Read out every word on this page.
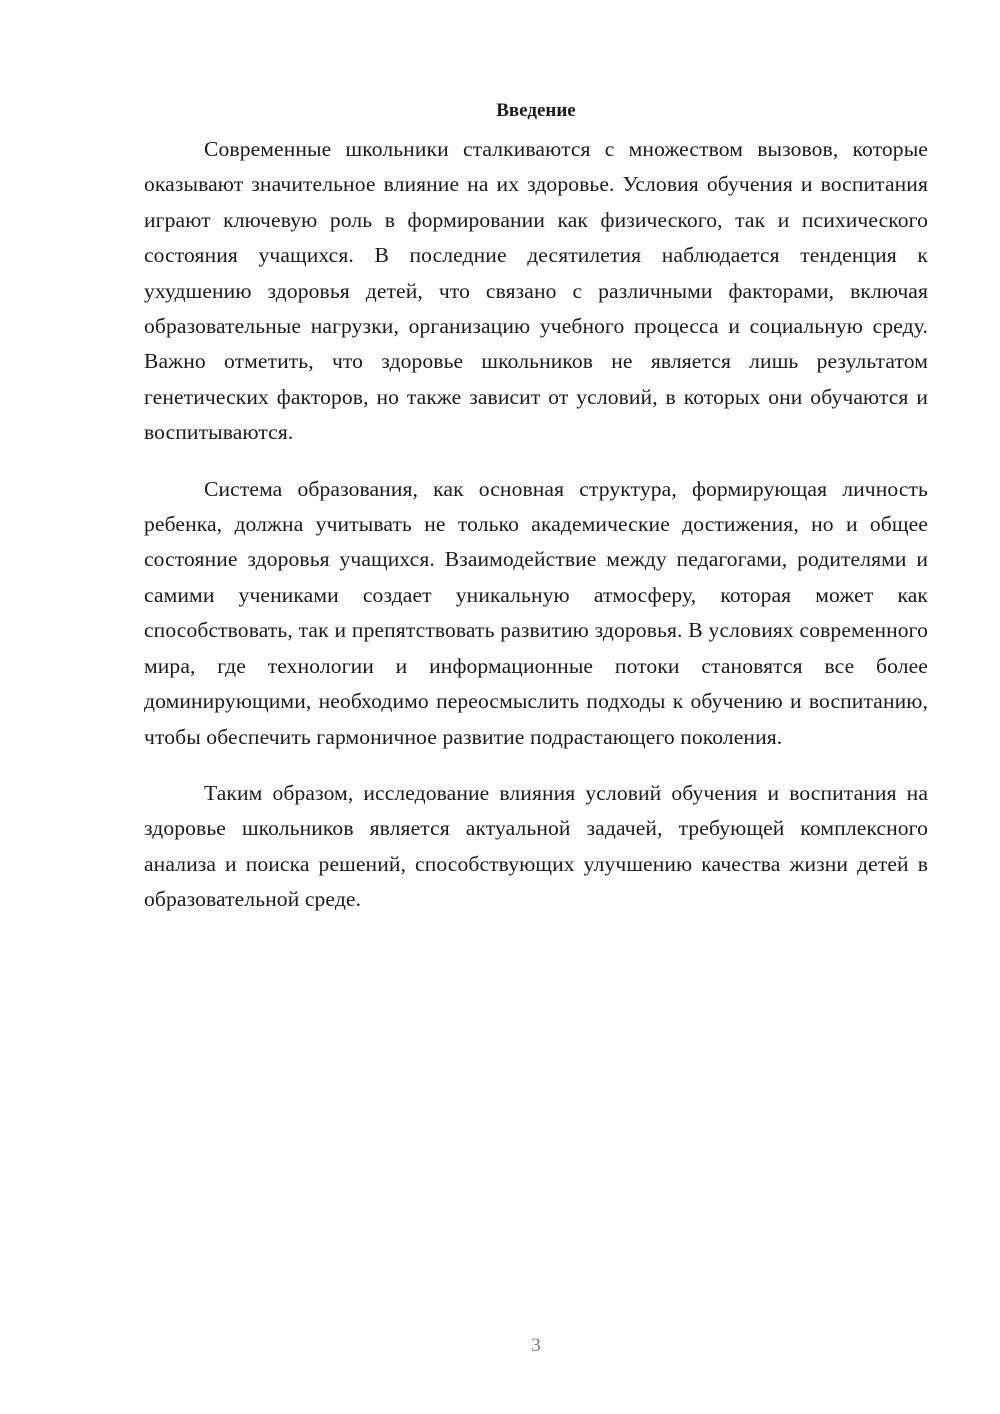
Введение

Современные школьники сталкиваются с множеством вызовов, которые оказывают значительное влияние на их здоровье. Условия обучения и воспитания играют ключевую роль в формировании как физического, так и психического состояния учащихся. В последние десятилетия наблюдается тенденция к ухудшению здоровья детей, что связано с различными факторами, включая образовательные нагрузки, организацию учебного процесса и социальную среду. Важно отметить, что здоровье школьников не является лишь результатом генетических факторов, но также зависит от условий, в которых они обучаются и воспитываются.

Система образования, как основная структура, формирующая личность ребенка, должна учитывать не только академические достижения, но и общее состояние здоровья учащихся. Взаимодействие между педагогами, родителями и самими учениками создает уникальную атмосферу, которая может как способствовать, так и препятствовать развитию здоровья. В условиях современного мира, где технологии и информационные потоки становятся все более доминирующими, необходимо переосмыслить подходы к обучению и воспитанию, чтобы обеспечить гармоничное развитие подрастающего поколения.

Таким образом, исследование влияния условий обучения и воспитания на здоровье школьников является актуальной задачей, требующей комплексного анализа и поиска решений, способствующих улучшению качества жизни детей в образовательной среде.

3
